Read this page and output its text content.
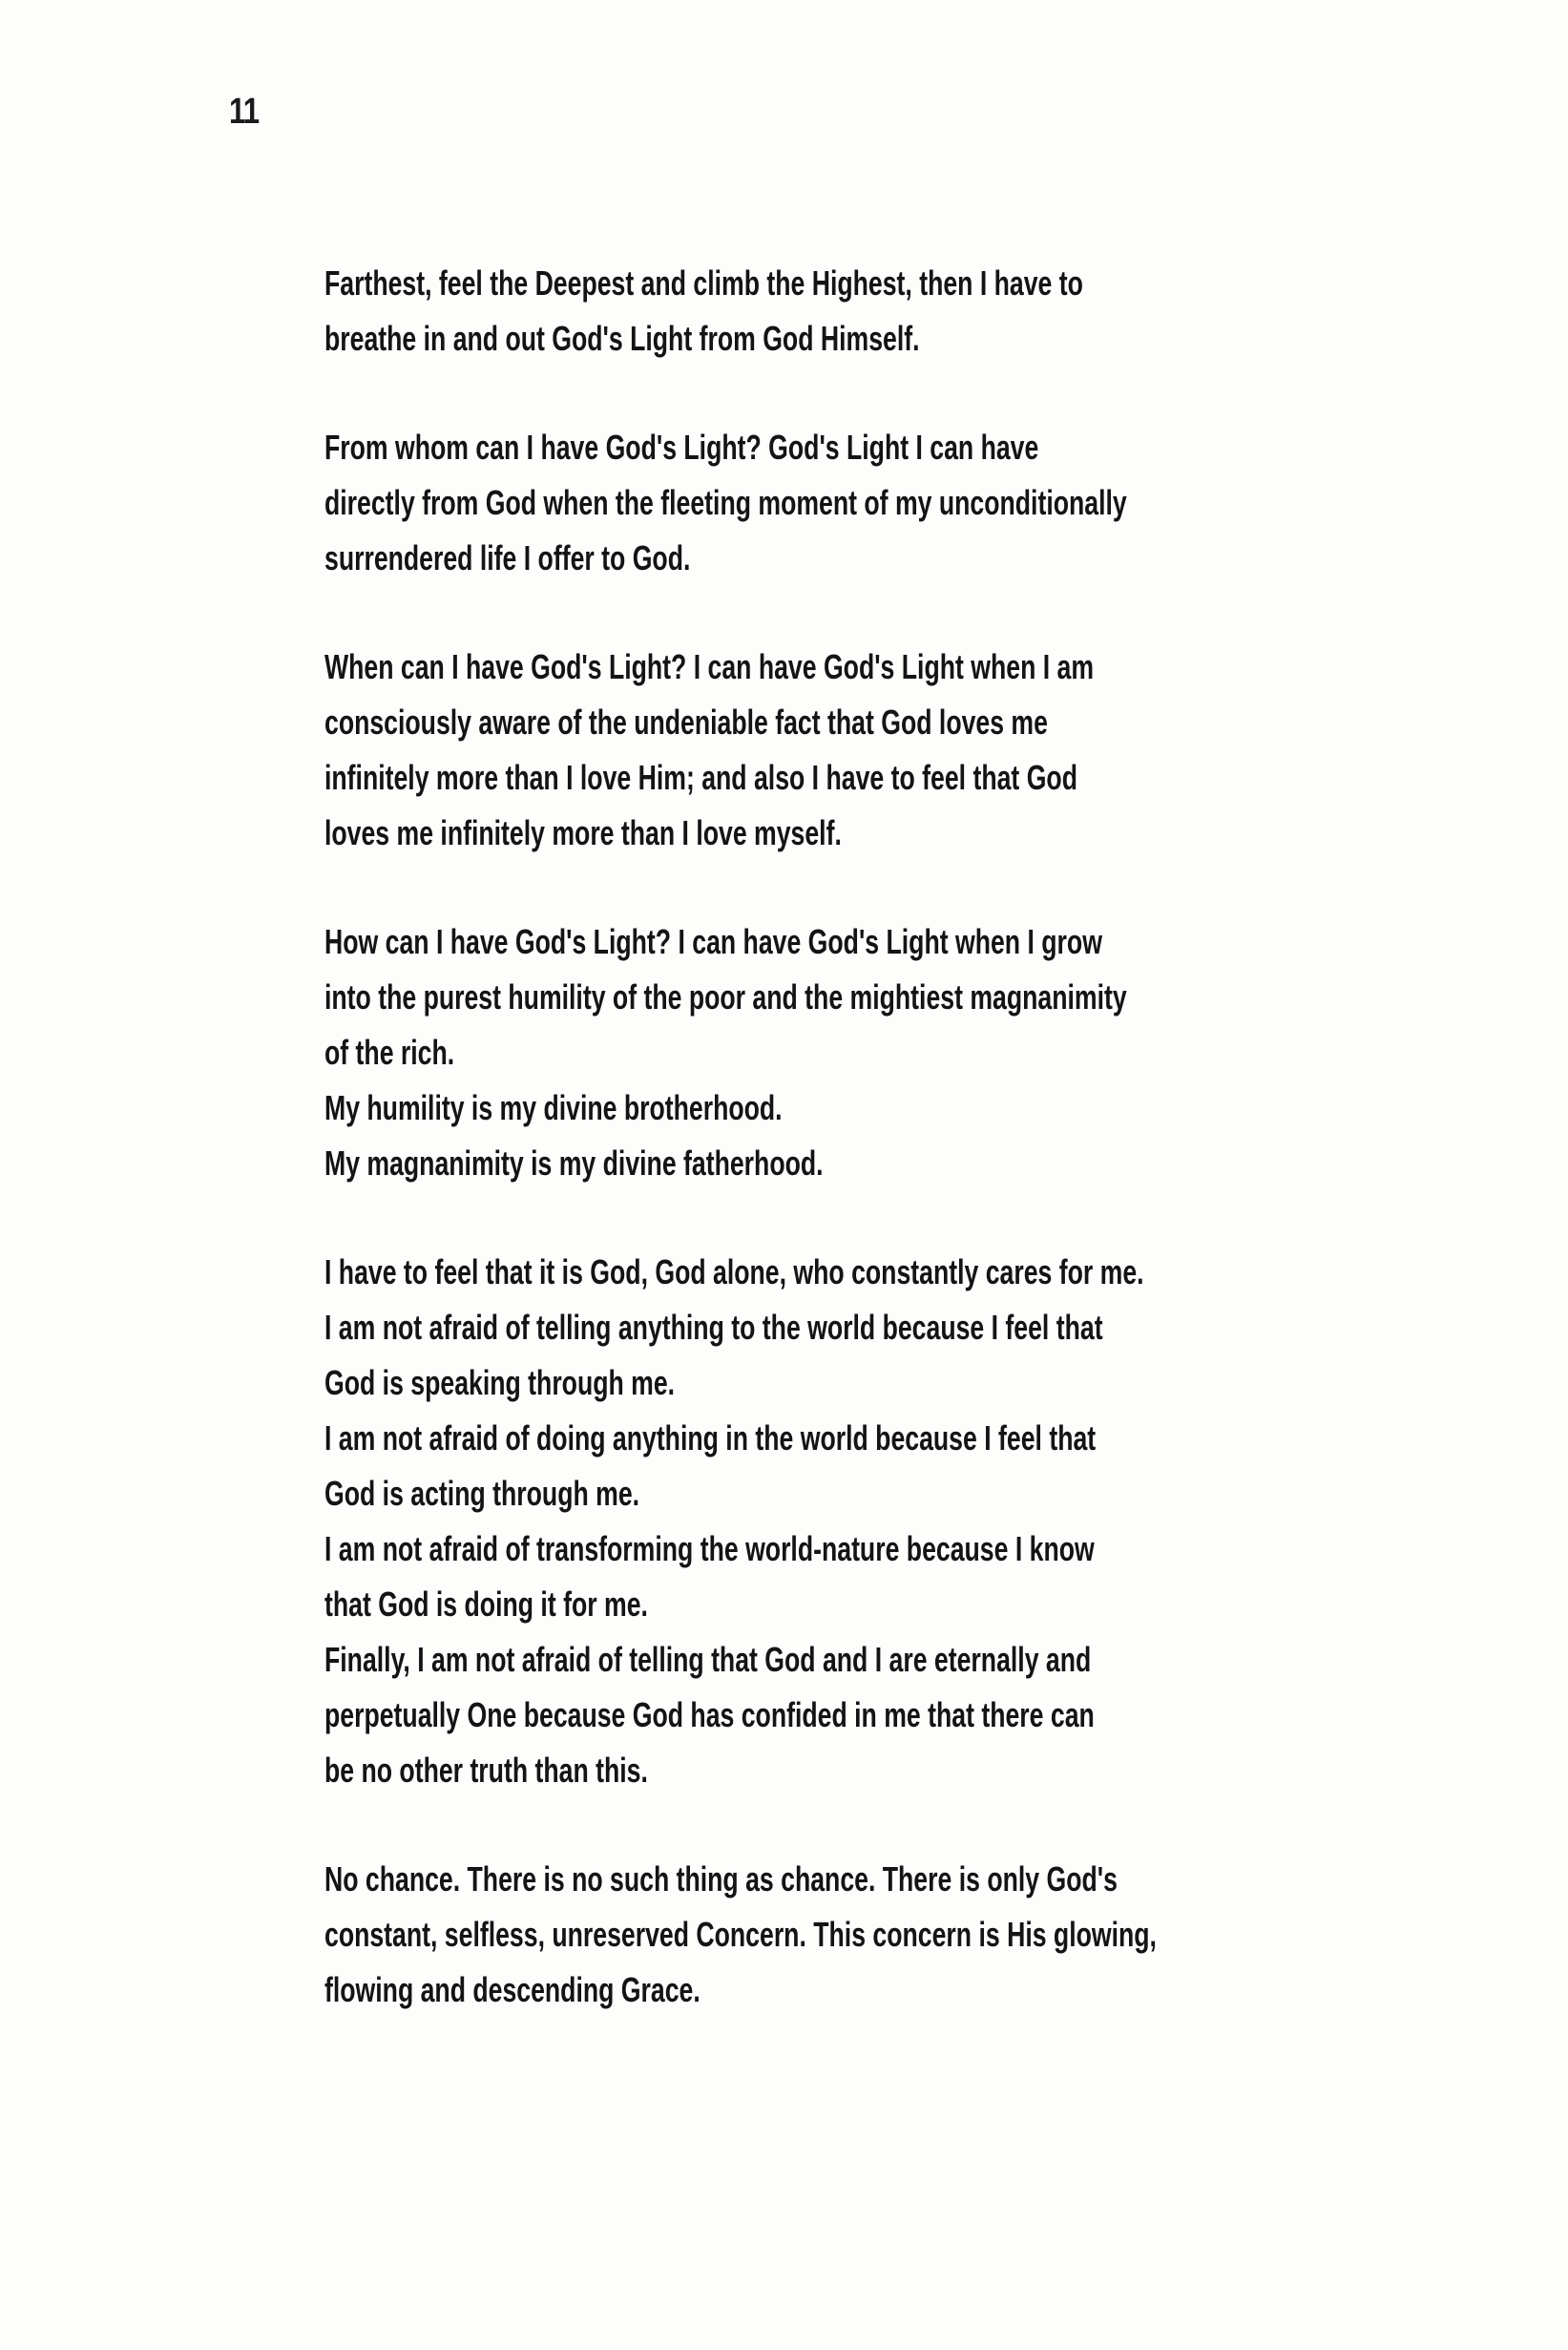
11

Farthest, feel the Deepest and climb the Highest, then I have to
breathe in and out God's Light from God Himself.

From whom can I have God's Light? God's Light I can have
directly from God when the fleeting moment of my unconditionally
surrendered life I offer to God.

When can I have God's Light? I can have God's Light when I am
consciously aware of the undeniable fact that God loves me
infinitely more than I love Him; and also I have to feel that God
loves me infinitely more than I love myself.

How can I have God's Light? I can have God's Light when I grow
into the purest humility of the poor and the mightiest magnanimity
of the rich.
My humility is my divine brotherhood.
My magnanimity is my divine fatherhood.

I have to feel that it is God, God alone, who constantly cares for me.
I am not afraid of telling anything to the world because I feel that
God is speaking through me.
I am not afraid of doing anything in the world because I feel that
God is acting through me.
I am not afraid of transforming the world-nature because I know
that God is doing it for me.
Finally, I am not afraid of telling that God and I are eternally and
perpetually One because God has confided in me that there can
be no other truth than this.

No chance. There is no such thing as chance. There is only God's
constant, selfless, unreserved Concern. This concern is His glowing,
flowing and descending Grace.
